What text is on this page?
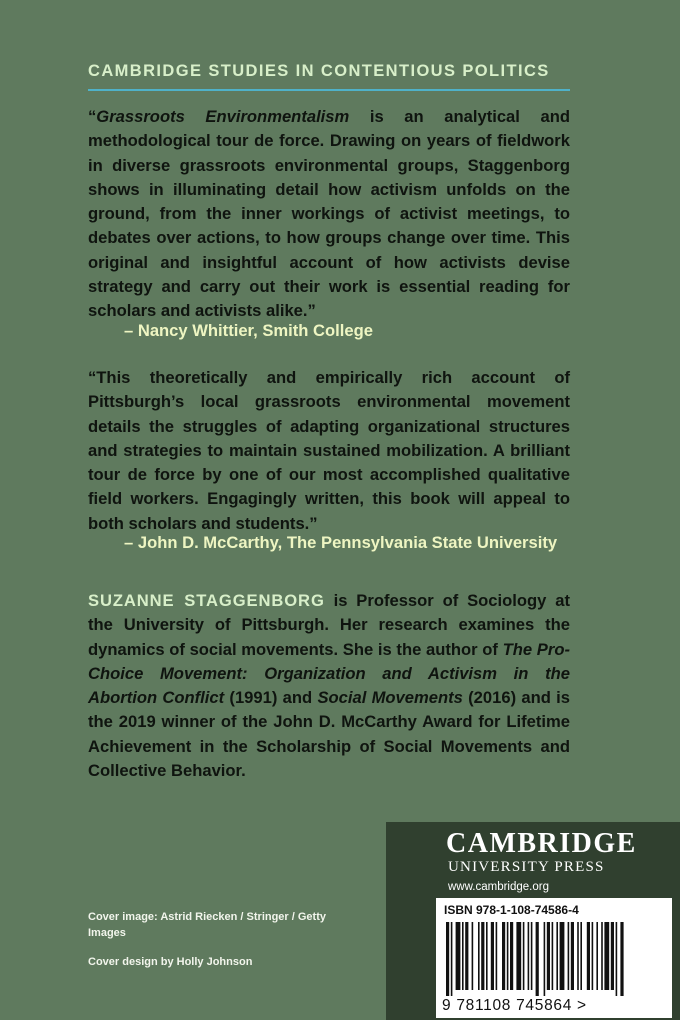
CAMBRIDGE STUDIES IN CONTENTIOUS POLITICS
“Grassroots Environmentalism is an analytical and methodological tour de force. Drawing on years of fieldwork in diverse grassroots environmental groups, Staggenborg shows in illuminating detail how activism unfolds on the ground, from the inner workings of activist meetings, to debates over actions, to how groups change over time. This original and insightful account of how activists devise strategy and carry out their work is essential reading for scholars and activists alike.”
– Nancy Whittier, Smith College
“This theoretically and empirically rich account of Pittsburgh’s local grassroots environmental movement details the struggles of adapting organizational structures and strategies to maintain sustained mobilization. A brilliant tour de force by one of our most accomplished qualitative field workers. Engagingly written, this book will appeal to both scholars and students.”
– John D. McCarthy, The Pennsylvania State University
SUZANNE STAGGENBORG is Professor of Sociology at the University of Pittsburgh. Her research examines the dynamics of social movements. She is the author of The Pro-Choice Movement: Organization and Activism in the Abortion Conflict (1991) and Social Movements (2016) and is the 2019 winner of the John D. McCarthy Award for Lifetime Achievement in the Scholarship of Social Movements and Collective Behavior.
Cover image: Astrid Riecken / Stringer / Getty Images
Cover design by Holly Johnson
CAMBRIDGE
UNIVERSITY PRESS
www.cambridge.org
ISBN 978-1-108-74586-4
9 781108 745864 >
